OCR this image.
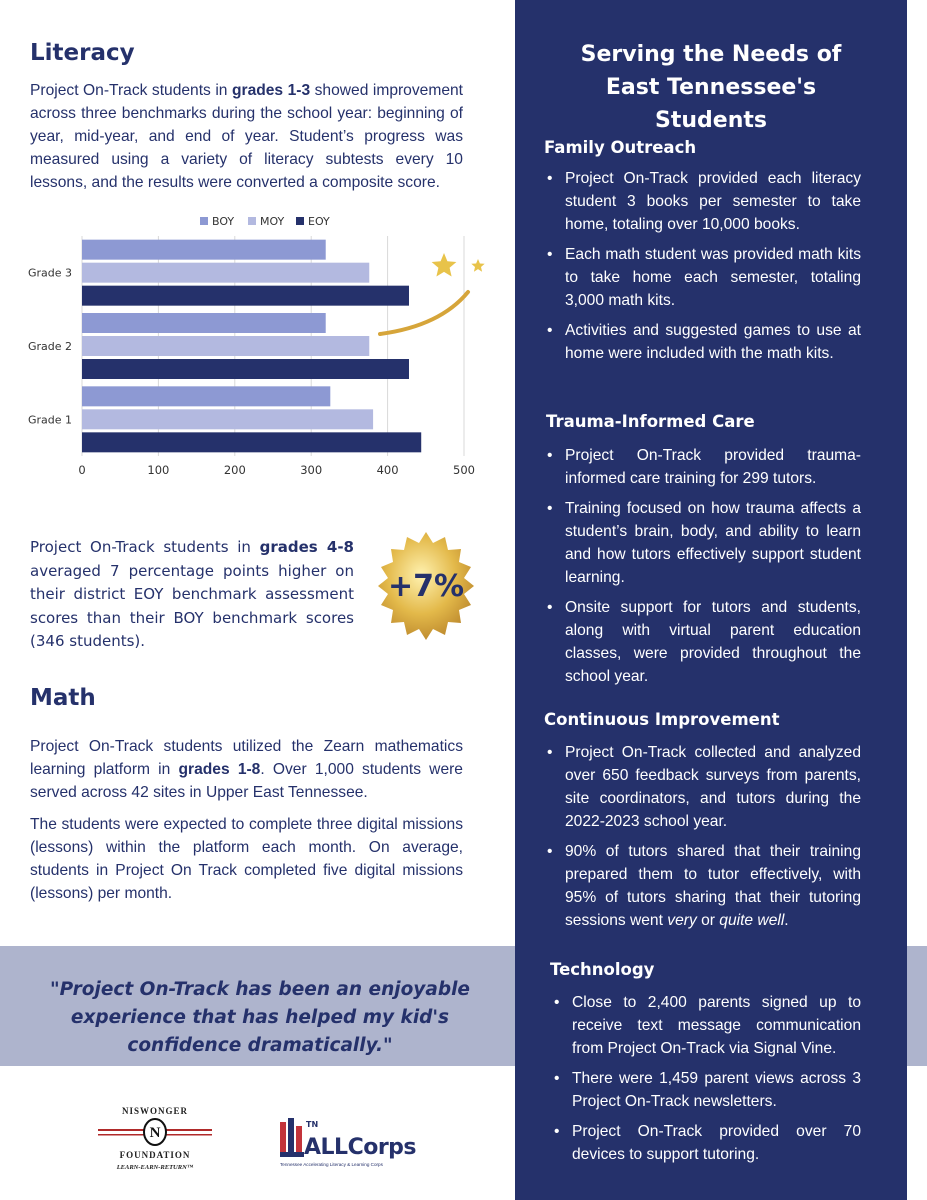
Literacy

Project On-Track students in grades 1-3 showed improvement across three benchmarks during the school year: beginning of year, mid-year, and end of year. Student’s progress was measured using a variety of literacy subtests every 10 lessons, and the results were converted a composite score.

0	100	200	300	400	500
BOY MOY EOY
Grade 1
Grade 2
Grade 3

Project On-Track students in grades 4-8 averaged 7 percentage points higher on their district EOY benchmark assessment scores than their BOY benchmark scores (346 students).

+7%
Math

Project On-Track students utilized the Zearn mathematics learning platform in grades 1-8. Over 1,000 students were served across 42 sites in Upper East Tennessee.

The students were expected to complete three digital missions (lessons) within the platform each month. On average, students in Project On Track completed five digital missions (lessons) per month.

"Project On-Track has been an enjoyable experience that has helped my kid's confidence dramatically."

NISWONGER
N
FOUNDATION
LEARN-EARN-RETURN™
TN
ALLCorps
Tennessee Accelerating Literacy & Learning Corps
Serving the Needs of East Tennessee's Students
Family Outreach
• Project On-Track provided each literacy student 3 books per semester to take home, totaling over 10,000 books.
• Each math student was provided math kits to take home each semester, totaling 3,000 math kits.
• Activities and suggested games to use at home were included with the math kits.
Trauma-Informed Care
• Project On-Track provided trauma-informed care training for 299 tutors.
• Training focused on how trauma affects a student’s brain, body, and ability to learn and how tutors effectively support student learning.
• Onsite support for tutors and students, along with virtual parent education classes, were provided throughout the school year.
Continuous Improvement
• Project On-Track collected and analyzed over 650 feedback surveys from parents, site coordinators, and tutors during the 2022-2023 school year.
• 90% of tutors shared that their training prepared them to tutor effectively, with 95% of tutors sharing that their tutoring sessions went very or quite well.
Technology
• Close to 2,400 parents signed up to receive text message communication from Project On-Track via Signal Vine.
• There were 1,459 parent views across 3 Project On-Track newsletters.
• Project On-Track provided over 70 devices to support tutoring.
